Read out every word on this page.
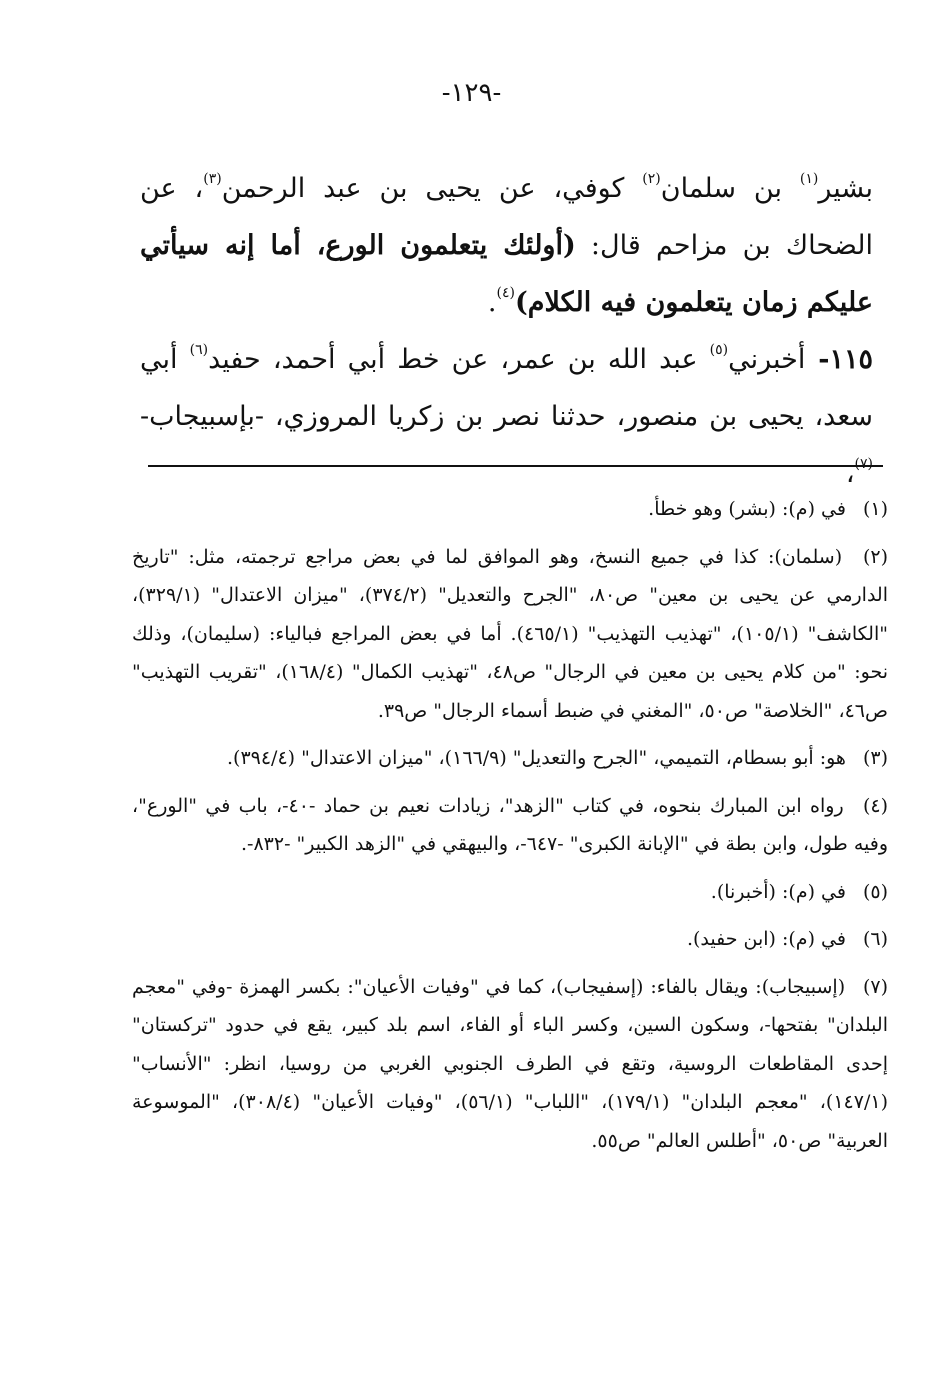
-١٢٩-

بشير$^{(١)}$ بن سلمان$^{(٢)}$ كوفي، عن يحيى بن عبد الرحمن$^{(٣)}$، عن الضحاك بن مزاحم قال: (أولئك يتعلمون الورع، أما إنه سيأتي عليكم زمان يتعلمون فيه الكلام)$^{(٤)}$.

١١٥- أخبرني$^{(٥)}$ عبد الله بن عمر، عن خط أبي أحمد، حفيد$^{(٦)}$ أبي سعد، يحيى بن منصور، حدثنا نصر بن زكريا المروزي، -بإسبيجاب-$^{(٧)}$،

(١) في (م): (بشر) وهو خطأ.

(٢) (سلمان): كذا في جميع النسخ، وهو الموافق لما في بعض مراجع ترجمته، مثل: "تاريخ الدارمي عن يحيى بن معين" ص٨٠، "الجرح والتعديل" (٣٧٤/٢)، "ميزان الاعتدال" (٣٢٩/١)، "الكاشف" (١٠٥/١)، "تهذيب التهذيب" (٤٦٥/١). أما في بعض المراجع فبالياء: (سليمان)، وذلك نحو: "من كلام يحيى بن معين في الرجال" ص٤٨، "تهذيب الكمال" (١٦٨/٤)، "تقريب التهذيب" ص٤٦، "الخلاصة" ص٥٠، "المغني في ضبط أسماء الرجال" ص٣٩.

(٣) هو: أبو بسطام، التميمي، "الجرح والتعديل" (١٦٦/٩)، "ميزان الاعتدال" (٣٩٤/٤).

(٤) رواه ابن المبارك بنحوه، في كتاب "الزهد"، زيادات نعيم بن حماد -٤٠-، باب في "الورع"، وفيه طول، وابن بطة في "الإبانة الكبرى" -٦٤٧-، والبيهقي في "الزهد الكبير" -٨٣٢-.

(٥) في (م): (أخبرنا).

(٦) في (م): (ابن حفيد).

(٧) (إسبيجاب): ويقال بالفاء: (إسفيجاب)، كما في "وفيات الأعيان": بكسر الهمزة -وفي "معجم البلدان" بفتحها-، وسكون السين، وكسر الباء أو الفاء، اسم بلد كبير، يقع في حدود "تركستان" إحدى المقاطعات الروسية، وتقع في الطرف الجنوبي الغربي من روسيا، انظر: "الأنساب" (١٤٧/١)، "معجم البلدان" (١٧٩/١)، "اللباب" (٥٦/١)، "وفيات الأعيان" (٣٠٨/٤)، "الموسوعة العربية" ص٥٠، "أطلس العالم" ص٥٥.
